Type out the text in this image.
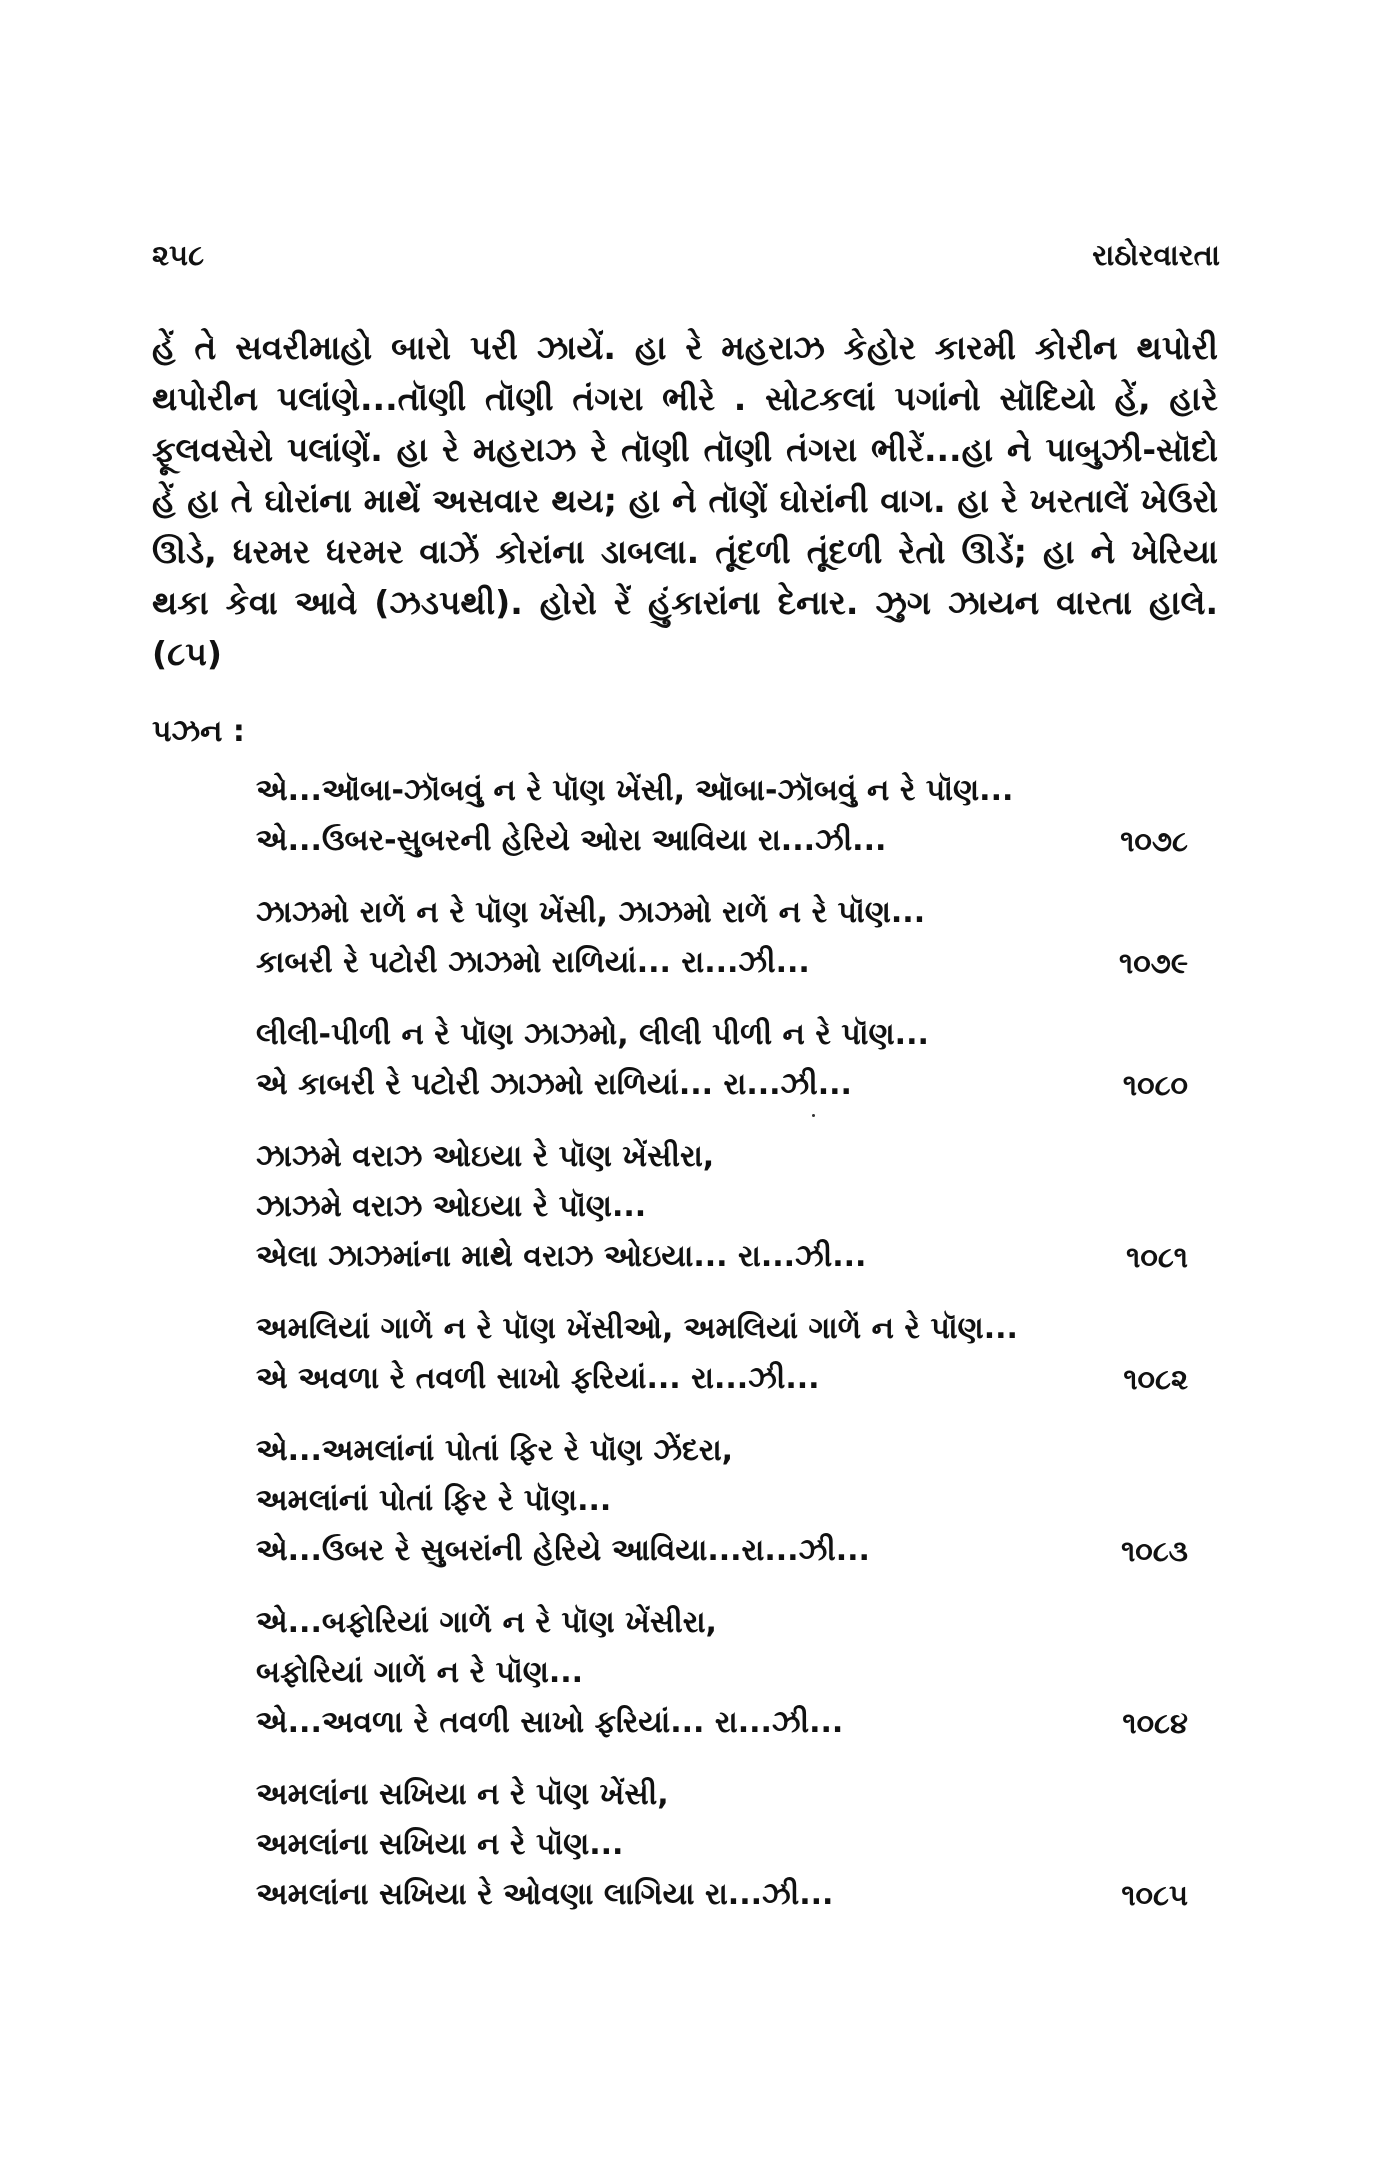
૨૫૮	રાઠોરવારતા

હેં તે સવરીમાહો બારો પરી ઝાયેં. હા રે મહરાઝ કેહોર કારમી કોરીન થપોરી થપોરીન પલાંણે...તૉણી તૉણી તંગરા ભીરે . સોટકલાં પગાંનો સૉદિયો હેં, હારે ફૂલવસેરો પલાંણેં. હા રે મહરાઝ રે તૉણી તૉણી તંગરા ભીરેં...હા ને પાબુઝી-સૉદો હેં હા તે ઘોરાંના માથેં અસવાર થય; હા ને તૉણેં ઘોરાંની વાગ. હા રે ખરતાલેં ખેઉરો ઊડે, ધરમર ધરમર વાઝેં કોરાંના ડાબલા. તૂંદળી તૂંદળી રેતો ઊડેં; હા ને ખેરિયા થકા કેવા આવે (ઝડપથી). હોરો રેં હુંકારાંના દેનાર. ઝુગ ઝાયન વારતા હાલે. (૮૫)

પઝન :
એ...ઑબા-ઝૉબવું ન રે પૉણ ખેંસી, ઑબા-ઝૉબવું ન રે પૉણ...
એ...ઉબર-સુબરની હેરિયે ઓરા આવિયા રા...ઝી...	૧૦૭૮
ઝાઝમો રાળેં ન રે પૉણ ખેંસી, ઝાઝમો રાળેં ન રે પૉણ...
કાબરી રે પટોરી ઝાઝમો રાળિયાં... રા...ઝી...	૧૦૭૯
લીલી-પીળી ન રે પૉણ ઝાઝમો, લીલી પીળી ન રે પૉણ...
એ કાબરી રે પટોરી ઝાઝમો રાળિયાં... રા...ઝી...	૧૦૮૦
ઝાઝમે વરાઝ ઓઇયા રે પૉણ ખેંસીરા,
ઝાઝમે વરાઝ ઓઇયા રે પૉણ...
એલા ઝાઝમાંના માથે વરાઝ ઓઇયા... રા...ઝી...	૧૦૮૧
અમલિયાં ગાળેં ન રે પૉણ ખેંસીઓ, અમલિયાં ગાળેં ન રે પૉણ...
એ અવળા રે તવળી સાખો ફરિયાં... રા...ઝી...	૧૦૮૨
એ...અમલાંનાં પોતાં ફિર રે પૉણ ઝેંદરા,
અમલાંનાં પોતાં ફિર રે પૉણ...
એ...ઉબર રે સુબરાંની હેરિયે આવિયા...રા...ઝી...	૧૦૮૩
એ...બફોરિયાં ગાળેં ન રે પૉણ ખેંસીરા,
બફોરિયાં ગાળેં ન રે પૉણ...
એ...અવળા રે તવળી સાખો ફરિયાં... રા...ઝી...	૧૦૮૪
અમલાંના સખિયા ન રે પૉણ ખેંસી,
અમલાંના સખિયા ન રે પૉણ...
અમલાંના સખિયા રે ઓવણા લાગિયા રા...ઝી...	૧૦૮૫
